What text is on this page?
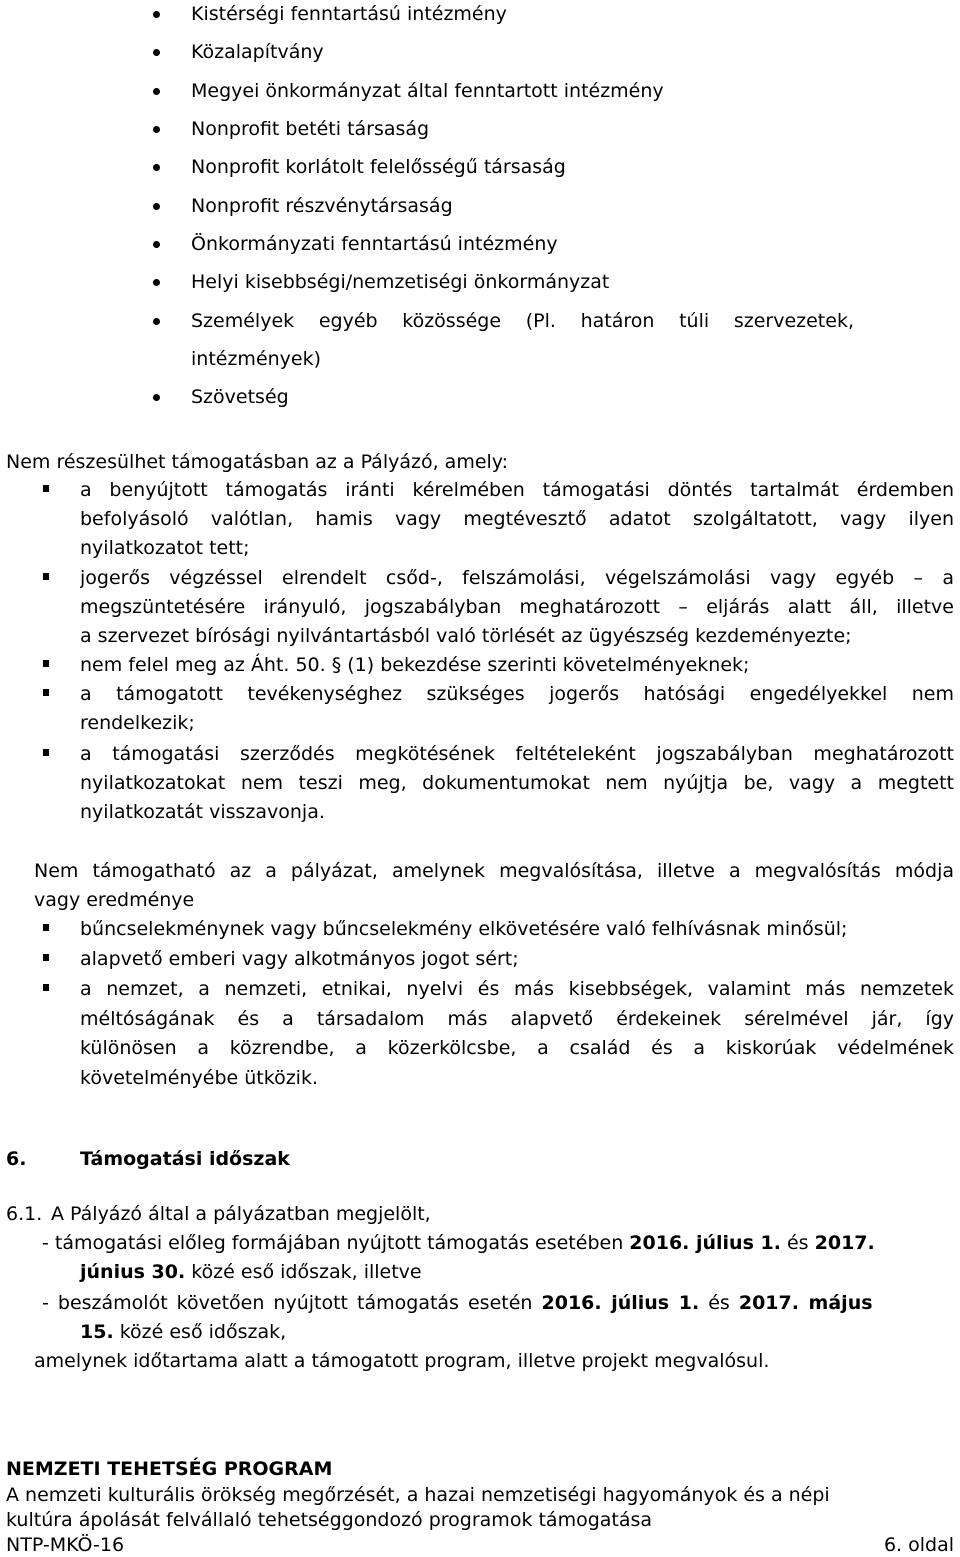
Kistérségi fenntartású intézmény
Közalapítvány
Megyei önkormányzat által fenntartott intézmény
Nonprofit betéti társaság
Nonprofit korlátolt felelősségű társaság
Nonprofit részvénytársaság
Önkormányzati fenntartású intézmény
Helyi kisebbségi/nemzetiségi önkormányzat
Személyek egyéb közössége (Pl. határon túli szervezetek,
intézmények)
Szövetség
Nem részesülhet támogatásban az a Pályázó, amely:
a benyújtott támogatás iránti kérelmében támogatási döntés tartalmát érdemben
befolyásoló valótlan, hamis vagy megtévesztő adatot szolgáltatott, vagy ilyen
nyilatkozatot tett;
jogerős végzéssel elrendelt csőd-, felszámolási, végelszámolási vagy egyéb – a
megszüntetésére irányuló, jogszabályban meghatározott – eljárás alatt áll, illetve
a szervezet bírósági nyilvántartásból való törlését az ügyészség kezdeményezte;
nem felel meg az Áht. 50. § (1) bekezdése szerinti követelményeknek;
a támogatott tevékenységhez szükséges jogerős hatósági engedélyekkel nem
rendelkezik;
a támogatási szerződés megkötésének feltételeként jogszabályban meghatározott
nyilatkozatokat nem teszi meg, dokumentumokat nem nyújtja be, vagy a megtett
nyilatkozatát visszavonja.
Nem támogatható az a pályázat, amelynek megvalósítása, illetve a megvalósítás módja
vagy eredménye
bűncselekménynek vagy bűncselekmény elkövetésére való felhívásnak minősül;
alapvető emberi vagy alkotmányos jogot sért;
a nemzet, a nemzeti, etnikai, nyelvi és más kisebbségek, valamint más nemzetek
méltóságának és a társadalom más alapvető érdekeinek sérelmével jár, így
különösen a közrendbe, a közerkölcsbe, a család és a kiskorúak védelmének
követelményébe ütközik.
6.	Támogatási időszak
6.1. A Pályázó által a pályázatban megjelölt,
- támogatási előleg formájában nyújtott támogatás esetében 2016. július 1. és 2017.
június 30. közé eső időszak, illetve
- beszámolót követően nyújtott támogatás esetén 2016. július 1. és 2017. május
15. közé eső időszak,
amelynek időtartama alatt a támogatott program, illetve projekt megvalósul.
NEMZETI TEHETSÉG PROGRAM
A nemzeti kulturális örökség megőrzését, a hazai nemzetiségi hagyományok és a népi
kultúra ápolását felvállaló tehetséggondozó programok támogatása
NTP-MKÖ-16	6. oldal
